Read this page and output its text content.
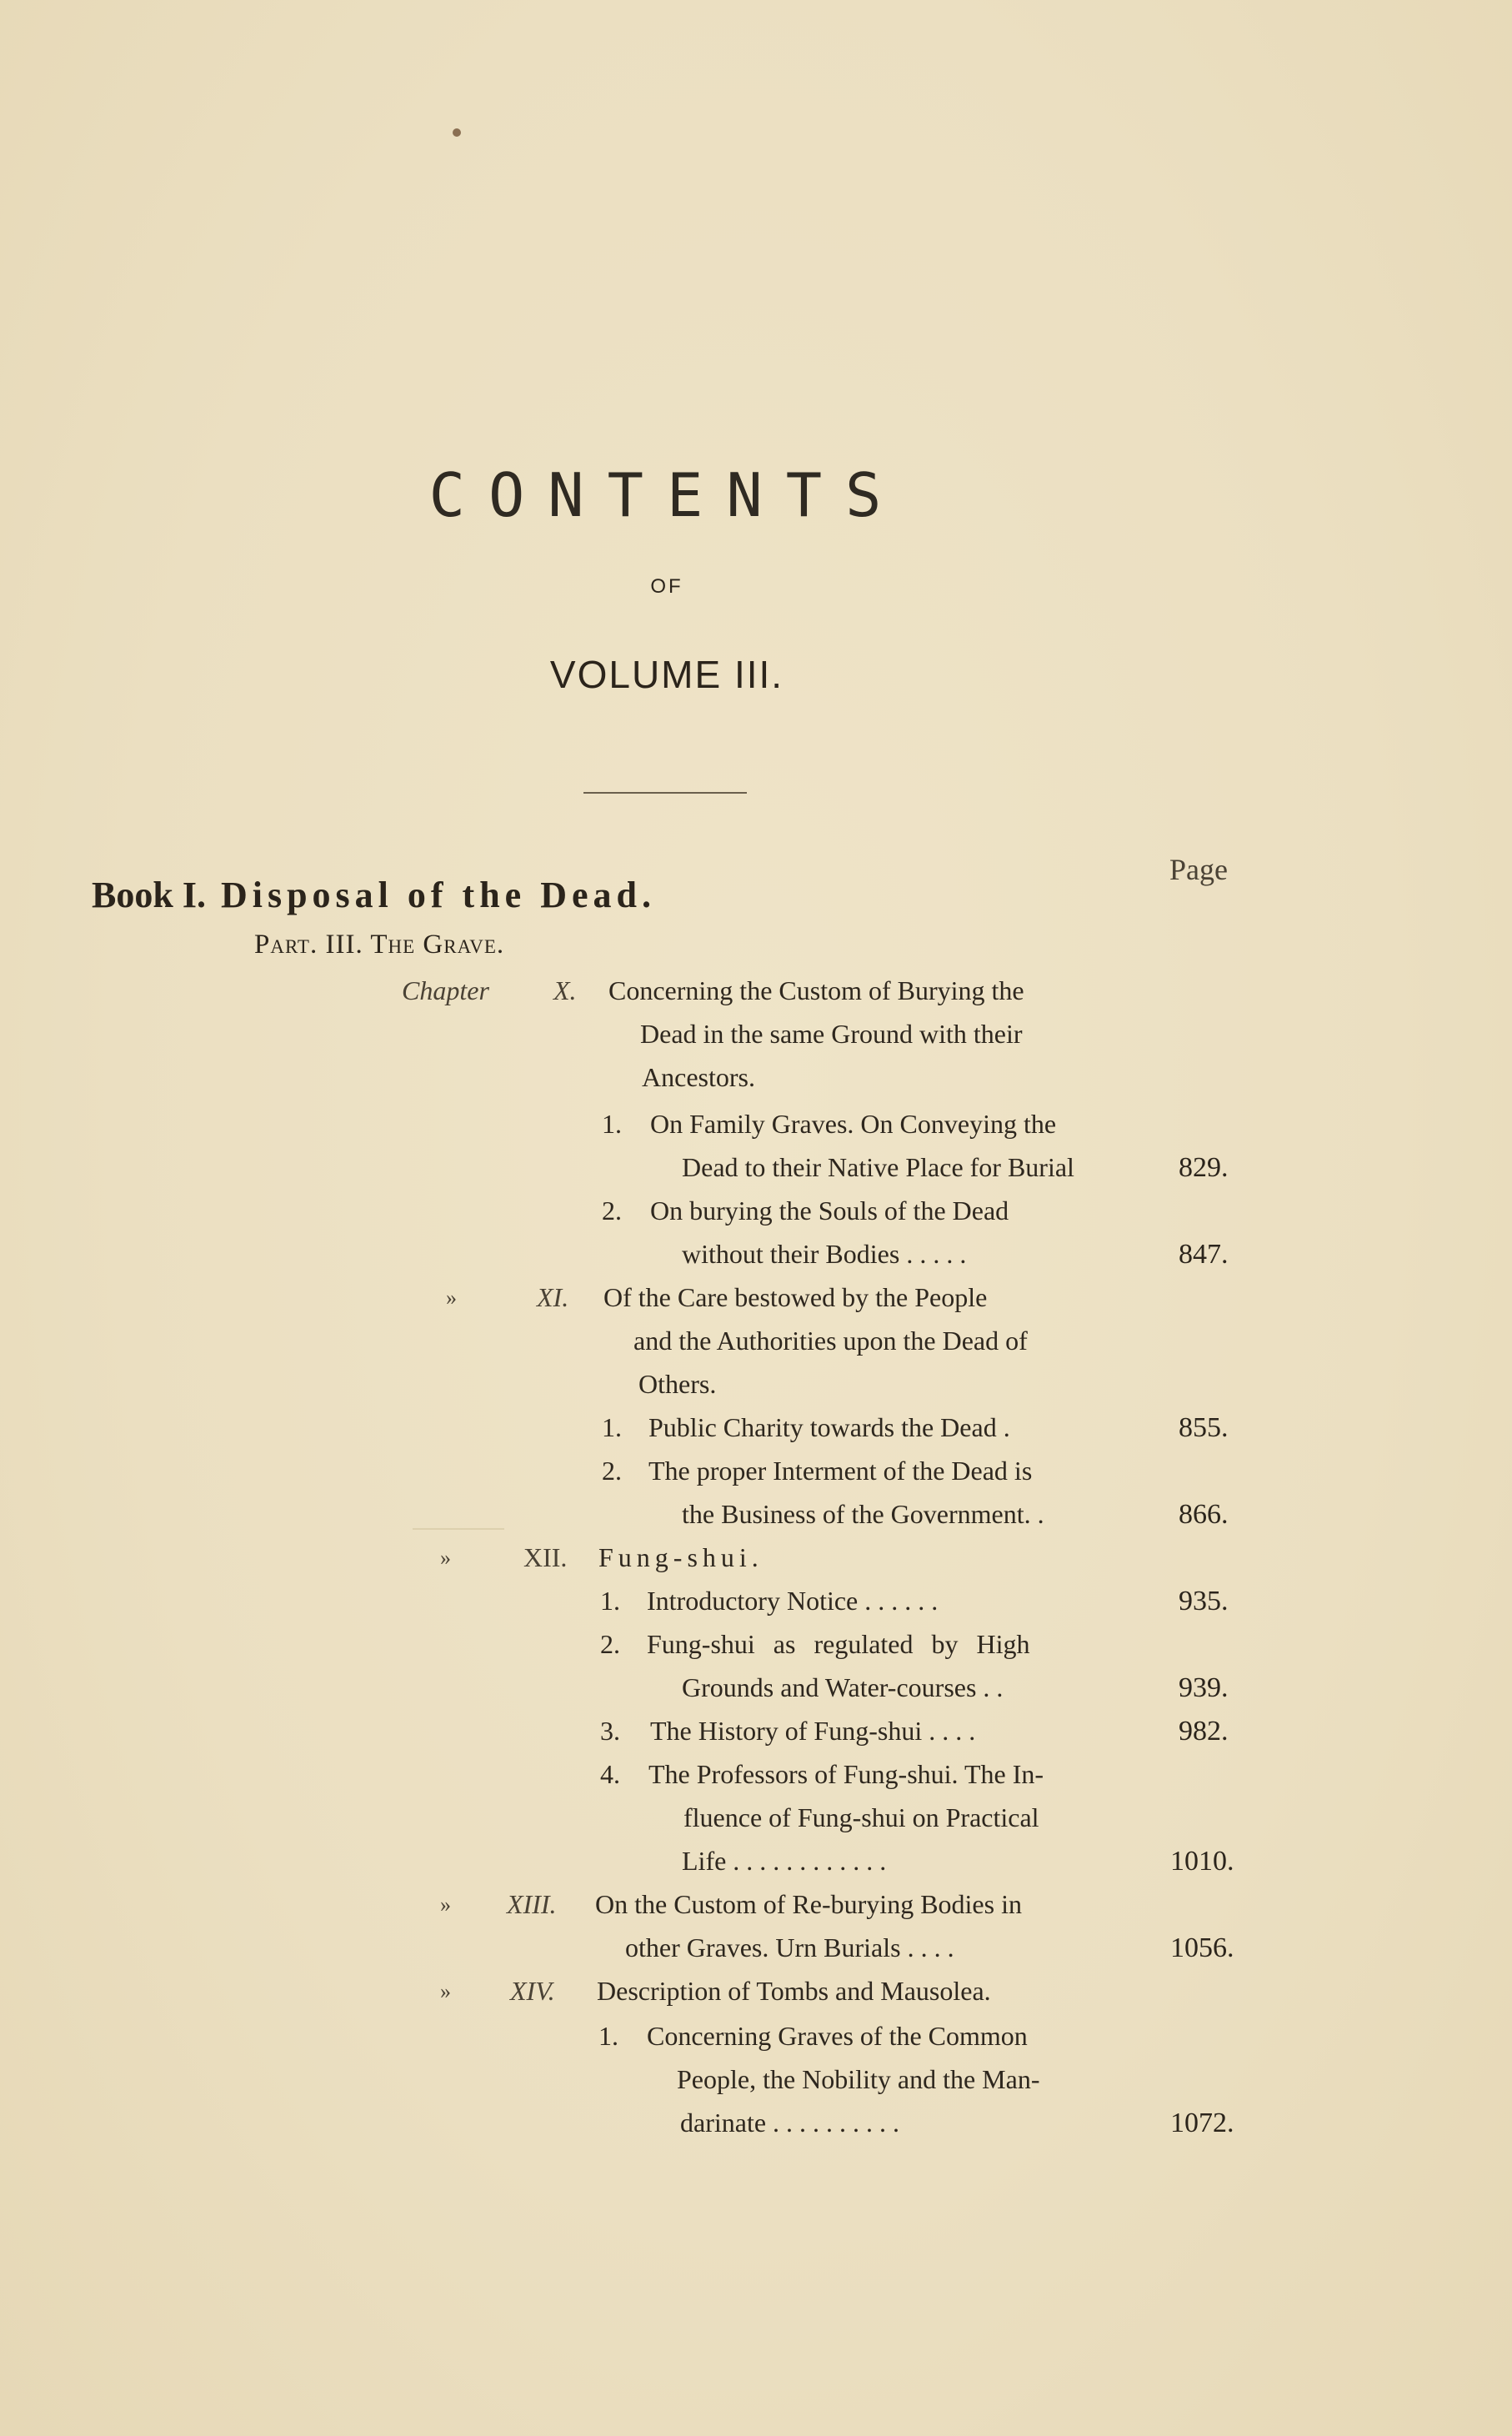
CONTENTS
OF
VOLUME III.
Page
Book I. Disposal of the Dead.
Part. III. The Grave.
Chapter X. Concerning the Custom of Burying the
Dead in the same Ground with their
Ancestors.
1. On Family Graves. On Conveying the
Dead to their Native Place for Burial	829.
2. On burying the Souls of the Dead
without their Bodies . . . . .	847.
»	XI. Of the Care bestowed by the People
and the Authorities upon the Dead of
Others.
1. Public Charity towards the Dead .	855.
2. The proper Interment of the Dead is
the Business of the Government. .	866.
»	XII. Fung-shui.
1. Introductory Notice . . . . . .	935.
2. Fung-shui as regulated by High
Grounds and Water-courses . .	939.
3. The History of Fung-shui . . . .	982.
4. The Professors of Fung-shui. The In-
fluence of Fung-shui on Practical
Life . . . . . . . . . . . .	1010.
» XIII. On the Custom of Re-burying Bodies in
other Graves. Urn Burials . . . .	1056.
» XIV. Description of Tombs and Mausolea.
1. Concerning Graves of the Common
People, the Nobility and the Man-
darinate . . . . . . . . . .	1072.
